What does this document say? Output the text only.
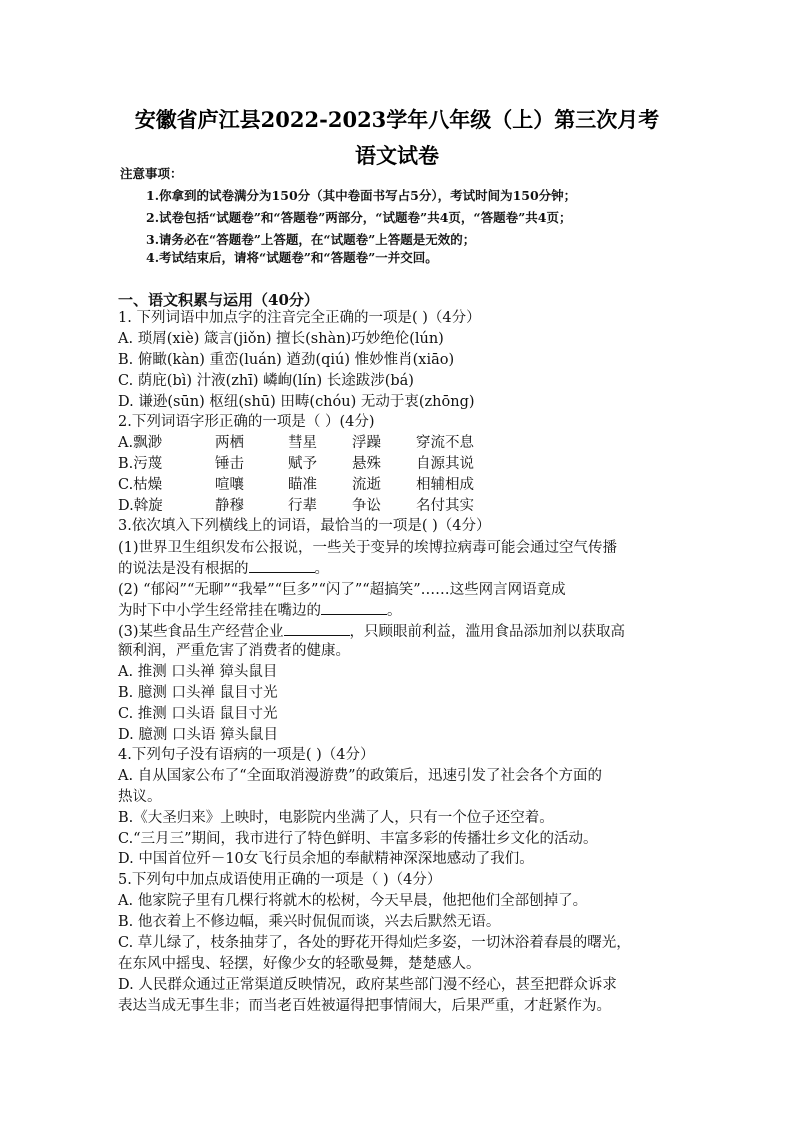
安徽省庐江县2022-2023学年八年级（上）第三次月考
语文试卷
注意事项：
1.你拿到的试卷满分为150分（其中卷面书写占5分），考试时间为150分钟；
2.试卷包括“试题卷”和“答题卷”两部分，“试题卷”共4页，“答题卷”共4页；
3.请务必在“答题卷”上答题，在“试题卷”上答题是无效的；
4.考试结束后，请将“试题卷”和“答题卷”一并交回。
一、语文积累与运用（40分）
1. 下列词语中加点字的注音完全正确的一项是( )（4分）
A. 琐屑(xiè) 箴言(jiǒn) 擅长(shàn)巧妙绝伦(lún)
B. 俯瞰(kàn) 重峦(luán) 遒劲(qiú) 惟妙惟肖(xiāo)
C. 荫庇(bì) 汁液(zhī) 嶙峋(lín) 长途跋涉(bá)
D. 谦逊(sūn) 枢纽(shū) 田畴(chóu) 无动于衷(zhōng)
2.下列词语字形正确的一项是（ ）(4分)
A.飘渺	两栖	彗星 浮躁 穿流不息
B.污蔑	锤击	赋予 悬殊 自源其说
C.枯燥	喧嚷	瞄准 流逝 相辅相成
D.斡旋	静穆	行辈 争讼 名付其实
3.依次填入下列横线上的词语，最恰当的一项是( )（4分）
(1)世界卫生组织发布公报说，一些关于变异的埃博拉病毒可能会通过空气传播
的说法是没有根据的	。
(2) “郁闷”“无聊”“我晕”“巨多”“闪了”“超搞笑”……这些网言网语竟成
为时下中小学生经常挂在嘴边的	。
(3)某些食品生产经营企业	，只顾眼前利益，滥用食品添加剂以获取高
额利润，严重危害了消费者的健康。
A. 推测 口头禅 獐头鼠目
B. 臆测 口头禅 鼠目寸光
C. 推测 口头语 鼠目寸光
D. 臆测 口头语 獐头鼠目
4.下列句子没有语病的一项是( )（4分）
A. 自从国家公布了“全面取消漫游费”的政策后，迅速引发了社会各个方面的
热议。
B.《大圣归来》上映时，电影院内坐满了人，只有一个位子还空着。
C.“三月三”期间，我市进行了特色鲜明、丰富多彩的传播壮乡文化的活动。
D. 中国首位歼－10女飞行员余旭的奉献精神深深地感动了我们。
5.下列句中加点成语使用正确的一项是（ )（4分）
A. 他家院子里有几棵行将就木的松树，今天早晨，他把他们全部刨掉了。
B. 他衣着上不修边幅，乘兴时侃侃而谈，兴去后默然无语。
C. 草儿绿了，枝条抽芽了，各处的野花开得灿烂多姿，一切沐浴着春晨的曙光，
在东风中摇曳、轻摆，好像少女的轻歌曼舞，楚楚感人。
D. 人民群众通过正常渠道反映情况，政府某些部门漫不经心，甚至把群众诉求
表达当成无事生非；而当老百姓被逼得把事情闹大，后果严重，才赶紧作为。
